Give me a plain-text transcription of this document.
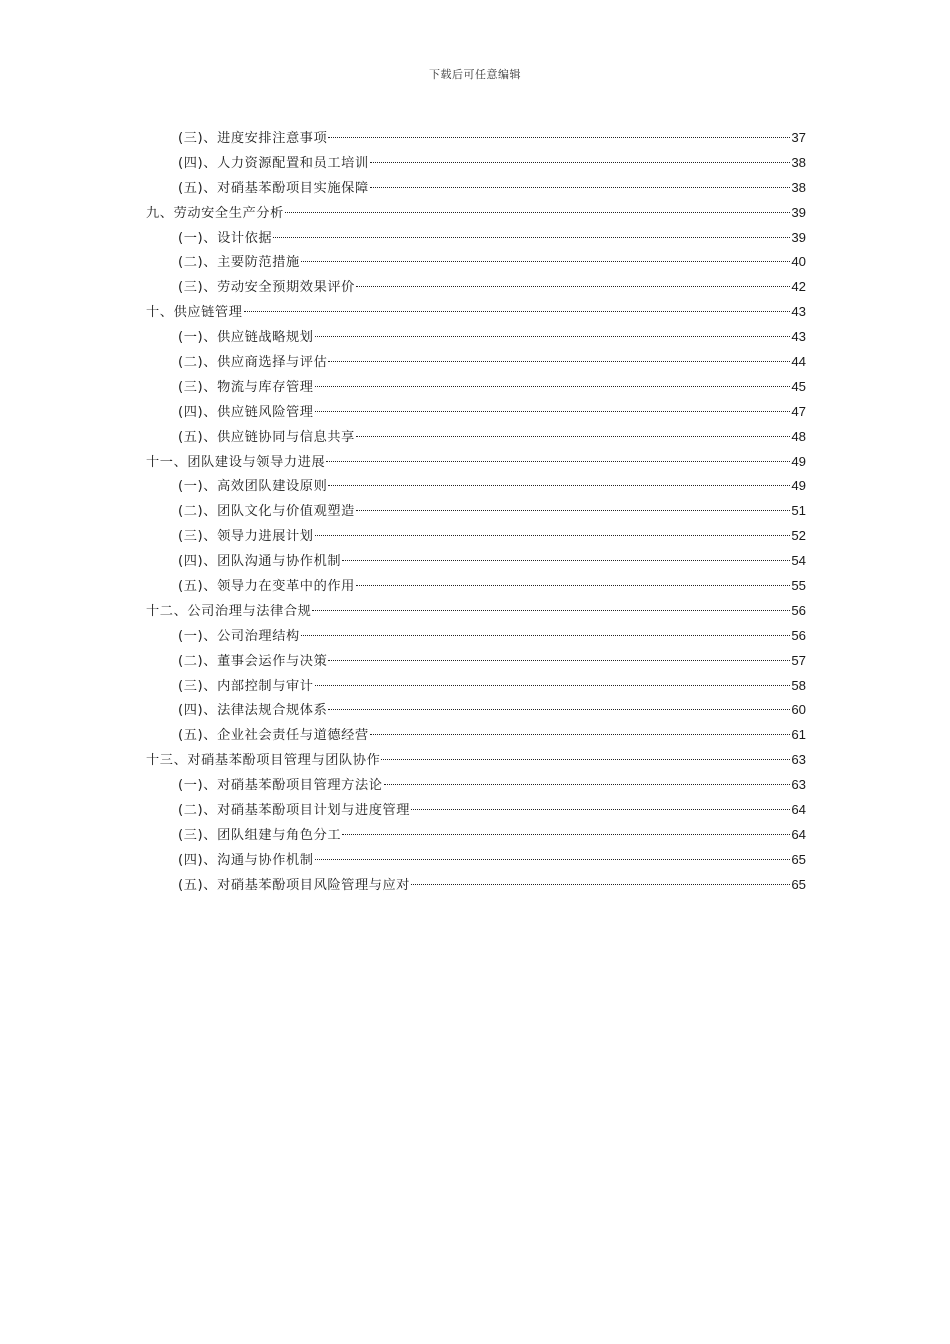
下载后可任意编辑
(三)、进度安排注意事项	37
(四)、人力资源配置和员工培训	38
(五)、对硝基苯酚项目实施保障	38
九、劳动安全生产分析	39
(一)、设计依据	39
(二)、主要防范措施	40
(三)、劳动安全预期效果评价	42
十、供应链管理	43
(一)、供应链战略规划	43
(二)、供应商选择与评估	44
(三)、物流与库存管理	45
(四)、供应链风险管理	47
(五)、供应链协同与信息共享	48
十一、团队建设与领导力进展	49
(一)、高效团队建设原则	49
(二)、团队文化与价值观塑造	51
(三)、领导力进展计划	52
(四)、团队沟通与协作机制	54
(五)、领导力在变革中的作用	55
十二、公司治理与法律合规	56
(一)、公司治理结构	56
(二)、董事会运作与决策	57
(三)、内部控制与审计	58
(四)、法律法规合规体系	60
(五)、企业社会责任与道德经营	61
十三、对硝基苯酚项目管理与团队协作	63
(一)、对硝基苯酚项目管理方法论	63
(二)、对硝基苯酚项目计划与进度管理	64
(三)、团队组建与角色分工	64
(四)、沟通与协作机制	65
(五)、对硝基苯酚项目风险管理与应对	65
